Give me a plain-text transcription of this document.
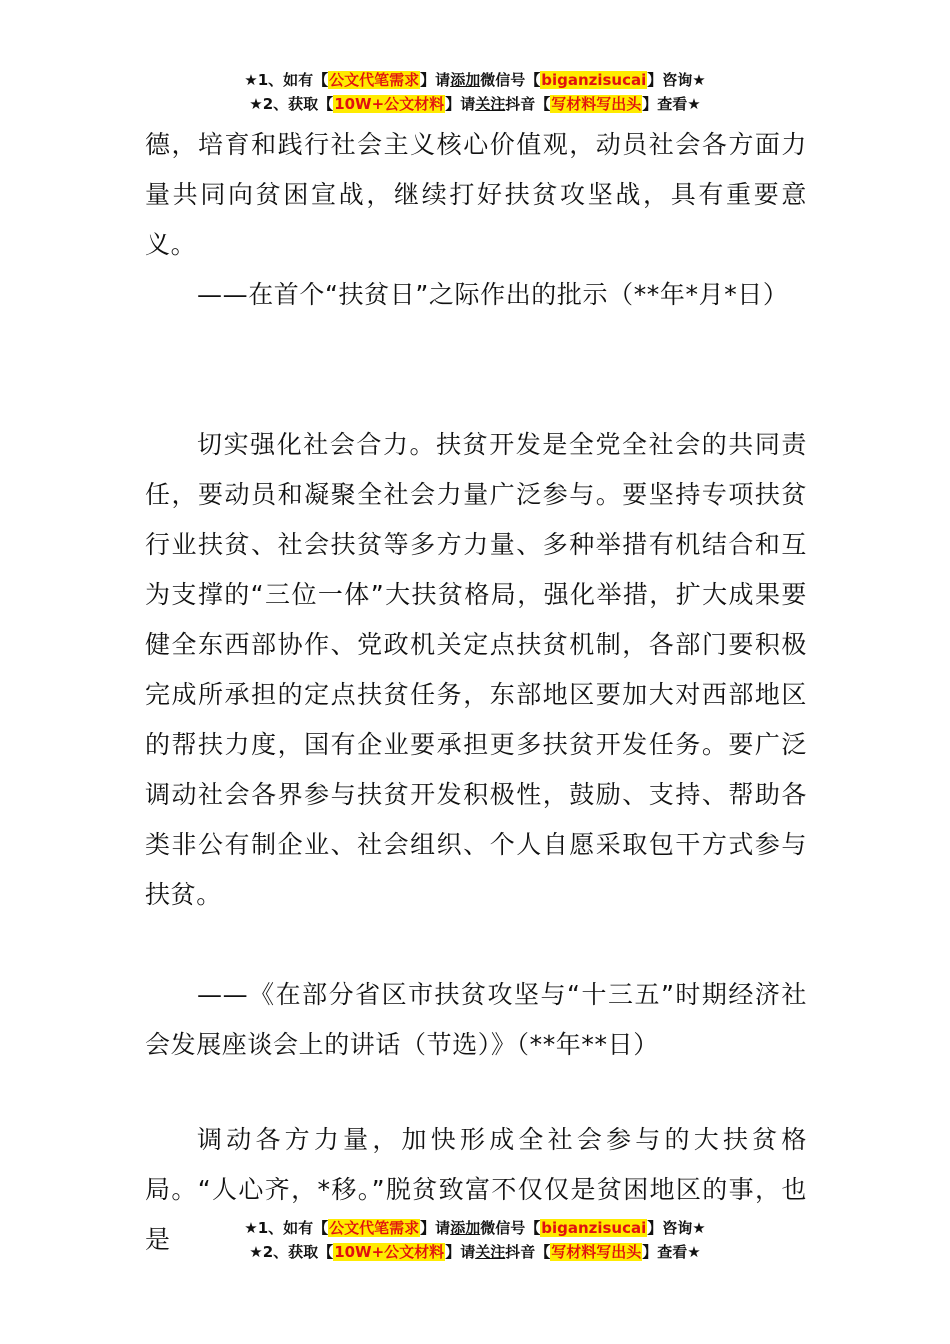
★1、如有【公文代笔需求】请添加微信号【biganzisucai】咨询★
★2、获取【10W+公文材料】请关注抖音【写材料写出头】查看★

德，培育和践行社会主义核心价值观，动员社会各方面力量共同向贫困宣战，继续打好扶贫攻坚战，具有重要意义。

——在首个“扶贫日”之际作出的批示（**年*月*日）

切实强化社会合力。扶贫开发是全党全社会的共同责任，要动员和凝聚全社会力量广泛参与。要坚持专项扶贫行业扶贫、社会扶贫等多方力量、多种举措有机结合和互为支撑的“三位一体”大扶贫格局，强化举措，扩大成果要健全东西部协作、党政机关定点扶贫机制，各部门要积极完成所承担的定点扶贫任务，东部地区要加大对西部地区的帮扶力度，国有企业要承担更多扶贫开发任务。要广泛调动社会各界参与扶贫开发积极性，鼓励、支持、帮助各类非公有制企业、社会组织、个人自愿采取包干方式参与扶贫。

——《在部分省区市扶贫攻坚与“十三五”时期经济社会发展座谈会上的讲话（节选）》（**年**日）

调动各方力量，加快形成全社会参与的大扶贫格局。“人心齐，*移。”脱贫致富不仅仅是贫困地区的事，也是	★1、如有【公文代笔需求】请添加微信号【biganzisucai】咨询★
★2、获取【10W+公文材料】请关注抖音【写材料写出头】查看★
